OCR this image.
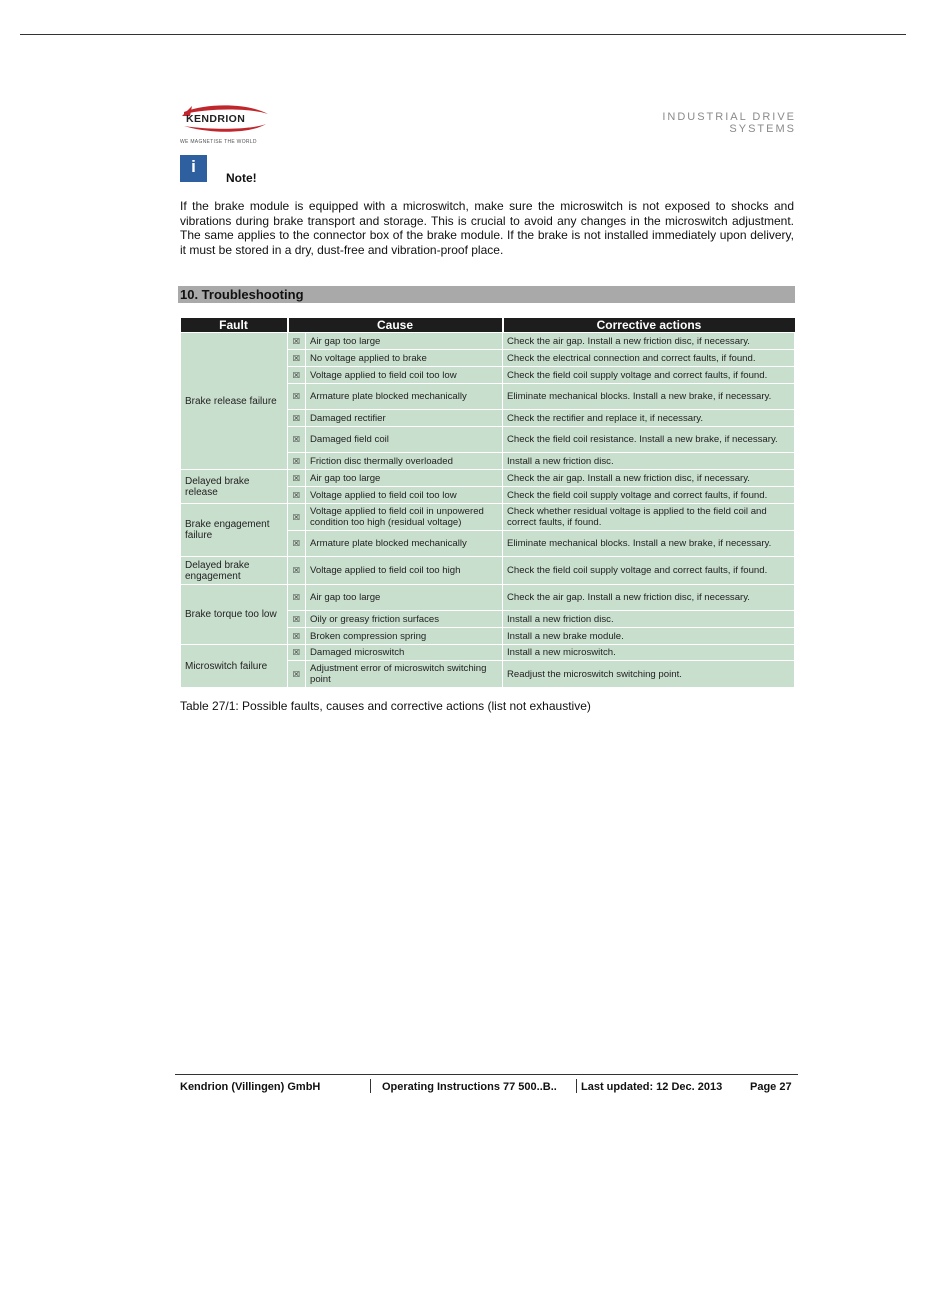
KENDRION
WE MAGNETISE THE WORLD
INDUSTRIAL DRIVE SYSTEMS
i
Note!
If the brake module is equipped with a microswitch, make sure the microswitch is not exposed to shocks and vibrations during brake transport and storage. This is crucial to avoid any changes in the microswitch adjustment. The same applies to the connector box of the brake module. If the brake is not installed immediately upon delivery, it must be stored in a dry, dust-free and vibration-proof place.
10. Troubleshooting
Fault	Cause		Corrective actions
Brake release failure	☒	Air gap too large	Check the air gap. Install a new friction disc, if necessary.
	☒	No voltage applied to brake	Check the electrical connection and correct faults, if found.
	☒	Voltage applied to field coil too low	Check the field coil supply voltage and correct faults, if found.
	☒	Armature plate blocked mechanically	Eliminate mechanical blocks. Install a new brake, if necessary.
	☒	Damaged rectifier	Check the rectifier and replace it, if necessary.
	☒	Damaged field coil	Check the field coil resistance. Install a new brake, if necessary.
	☒	Friction disc thermally overloaded	Install a new friction disc.
Delayed brake release	☒	Air gap too large	Check the air gap. Install a new friction disc, if necessary.
	☒	Voltage applied to field coil too low	Check the field coil supply voltage and correct faults, if found.
Brake engagement failure	☒	Voltage applied to field coil in unpowered condition too high (residual voltage)	Check whether residual voltage is applied to the field coil and correct faults, if found.
	☒	Armature plate blocked mechanically	Eliminate mechanical blocks. Install a new brake, if necessary.
Delayed brake engagement	☒	Voltage applied to field coil too high	Check the field coil supply voltage and correct faults, if found.
Brake torque too low	☒	Air gap too large	Check the air gap. Install a new friction disc, if necessary.
	☒	Oily or greasy friction surfaces	Install a new friction disc.
	☒	Broken compression spring	Install a new brake module.
Microswitch failure	☒	Damaged microswitch	Install a new microswitch.
	☒	Adjustment error of microswitch switching point	Readjust the microswitch switching point.
Table 27/1: Possible faults, causes and corrective actions (list not exhaustive)
Kendrion (Villingen) GmbH	Operating Instructions 77 500..B.. Last updated: 12 Dec. 2013	Page 27
